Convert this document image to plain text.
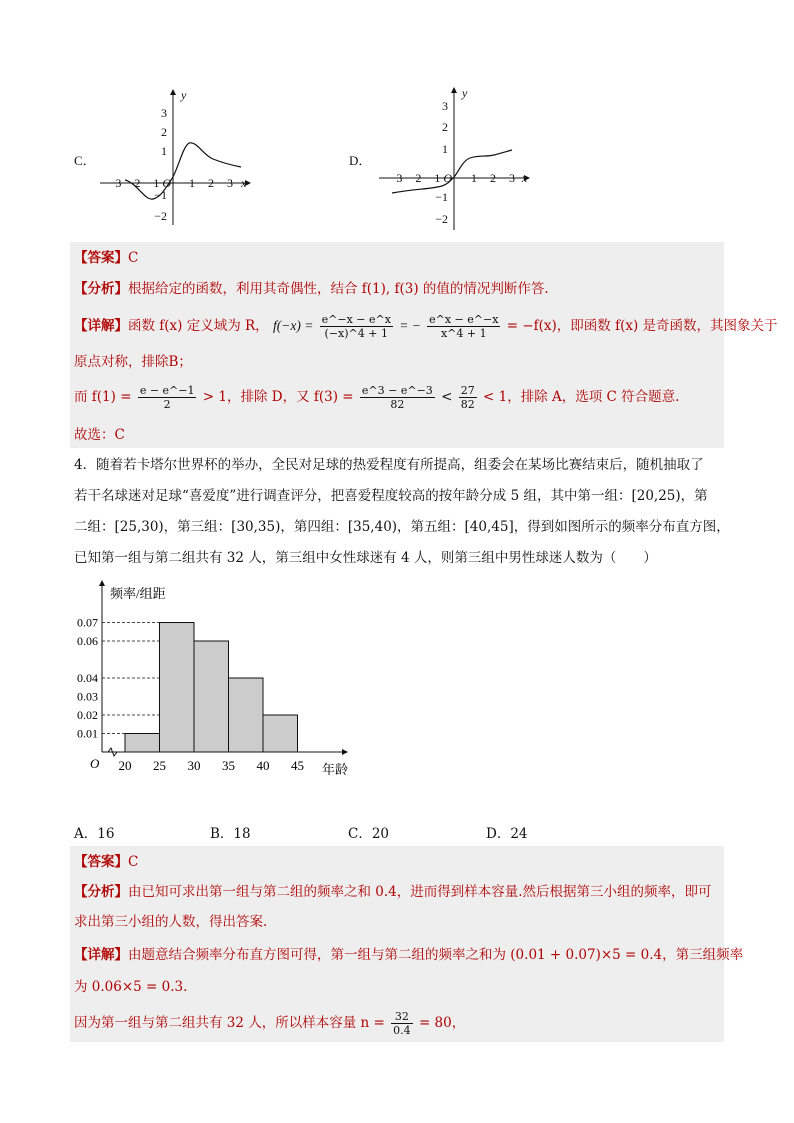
C．
y
x
3
2
1
−1
−2
O
−3 −2 −1 1 2 3
D．
y
x
3
2
1
−1
−2
O
−3 −2 −1	1 2 3
【答案】C
【分析】根据给定的函数，利用其奇偶性，结合 f(1), f(3) 的值的情况判断作答.
【详解】函数 f(x) 定义域为 R， $f(-x) = \frac{e\^{}-x - e\^{}x}{(-x)\^{}4 + 1}$ = − $\frac{e\^{}x - e\^{}-x}{x\^{}4 + 1} = -f(x)$，即函数 f(x) 是奇函数，其图象关于
原点对称，排除B；
而 $f(1) = \frac{e - e\^{}-1}{2} > 1$，排除 D，又 $f(3) = \frac{e\^{}3 - e\^{}-3}{82} < \frac{27}{82} < 1$，排除 A，选项 C 符合题意.
故选：C
4．随着若卡塔尔世界杯的举办，全民对足球的热爱程度有所提高，组委会在某场比赛结束后，随机抽取了
若干名球迷对足球“喜爱度”进行调查评分，把喜爱程度较高的按年龄分成 5 组，其中第一组：[20,25)，第
二组：[25,30)，第三组：[30,35)，第四组：[35,40)，第五组：[40,45]，得到如图所示的频率分布直方图，
已知第一组与第二组共有 32 人，第三组中女性球迷有 4 人，则第三组中男性球迷人数为（　　）
频率/组距
年龄
O
0.01
0.02
0.03
0.04
0.06
0.07
20 25 30 35 40 45
A．16	B．18	C．20	D．24
【答案】C
【分析】由已知可求出第一组与第二组的频率之和 0.4，进而得到样本容量.然后根据第三小组的频率，即可
求出第三小组的人数，得出答案.
【详解】由题意结合频率分布直方图可得，第一组与第二组的频率之和为 (0.01 + 0.07)×5 = 0.4，第三组频率
为 0.06×5 = 0.3.
因为第一组与第二组共有 32 人，所以样本容量 $n = \frac{32}{0.4} = 80$，
